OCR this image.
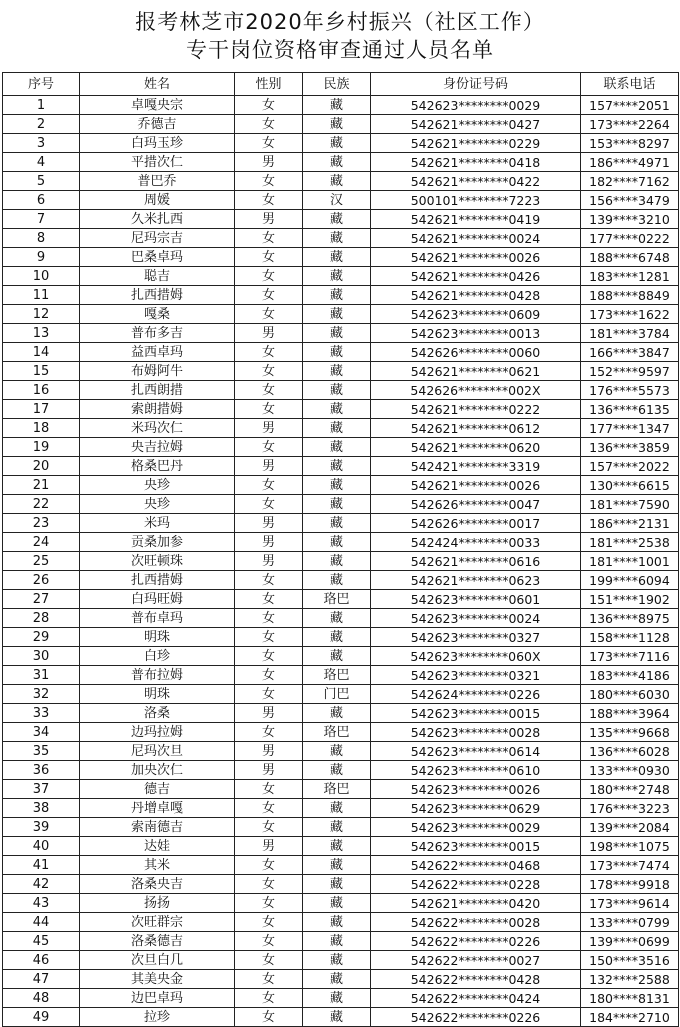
报考林芝市2020年乡村振兴（社区工作）
专干岗位资格审查通过人员名单
序号	姓名	性别	民族	身份证号码	联系电话
1	卓嘎央宗	女	藏	542623********0029	157****2051
2	乔德吉	女	藏	542621********0427	173****2264
3	白玛玉珍	女	藏	542621********0229	153****8297
4	平措次仁	男	藏	542621********0418	186****4971
5	普巴乔	女	藏	542621********0422	182****7162
6	周媛	女	汉	500101********7223	156****3479
7	久米扎西	男	藏	542621********0419	139****3210
8	尼玛宗吉	女	藏	542621********0024	177****0222
9	巴桑卓玛	女	藏	542621********0026	188****6748
10	聪吉	女	藏	542621********0426	183****1281
11	扎西措姆	女	藏	542621********0428	188****8849
12	嘎桑	女	藏	542623********0609	173****1622
13	普布多吉	男	藏	542623********0013	181****3784
14	益西卓玛	女	藏	542626********0060	166****3847
15	布姆阿牛	女	藏	542621********0621	152****9597
16	扎西朗措	女	藏	542626********002X	176****5573
17	索朗措姆	女	藏	542621********0222	136****6135
18	米玛次仁	男	藏	542621********0612	177****1347
19	央吉拉姆	女	藏	542621********0620	136****3859
20	格桑巴丹	男	藏	542421********3319	157****2022
21	央珍	女	藏	542621********0026	130****6615
22	央珍	女	藏	542626********0047	181****7590
23	米玛	男	藏	542626********0017	186****2131
24	贡桑加参	男	藏	542424********0033	181****2538
25	次旺顿珠	男	藏	542621********0616	181****1001
26	扎西措姆	女	藏	542621********0623	199****6094
27	白玛旺姆	女	珞巴	542623********0601	151****1902
28	普布卓玛	女	藏	542623********0024	136****8975
29	明珠	女	藏	542623********0327	158****1128
30	白珍	女	藏	542623********060X	173****7116
31	普布拉姆	女	珞巴	542623********0321	183****4186
32	明珠	女	门巴	542624********0226	180****6030
33	洛桑	男	藏	542623********0015	188****3964
34	边玛拉姆	女	珞巴	542623********0028	135****9668
35	尼玛次旦	男	藏	542623********0614	136****6028
36	加央次仁	男	藏	542623********0610	133****0930
37	德吉	女	珞巴	542623********0026	180****2748
38	丹增卓嘎	女	藏	542623********0629	176****3223
39	索南德吉	女	藏	542623********0029	139****2084
40	达娃	男	藏	542623********0015	198****1075
41	其米	女	藏	542622********0468	173****7474
42	洛桑央吉	女	藏	542622********0228	178****9918
43	扬扬	女	藏	542621********0420	173****9614
44	次旺群宗	女	藏	542622********0028	133****0799
45	洛桑德吉	女	藏	542622********0226	139****0699
46	次旦白几	女	藏	542622********0027	150****3516
47	其美央金	女	藏	542622********0428	132****2588
48	边巴卓玛	女	藏	542622********0424	180****8131
49	拉珍	女	藏	542622********0226	184****2710
